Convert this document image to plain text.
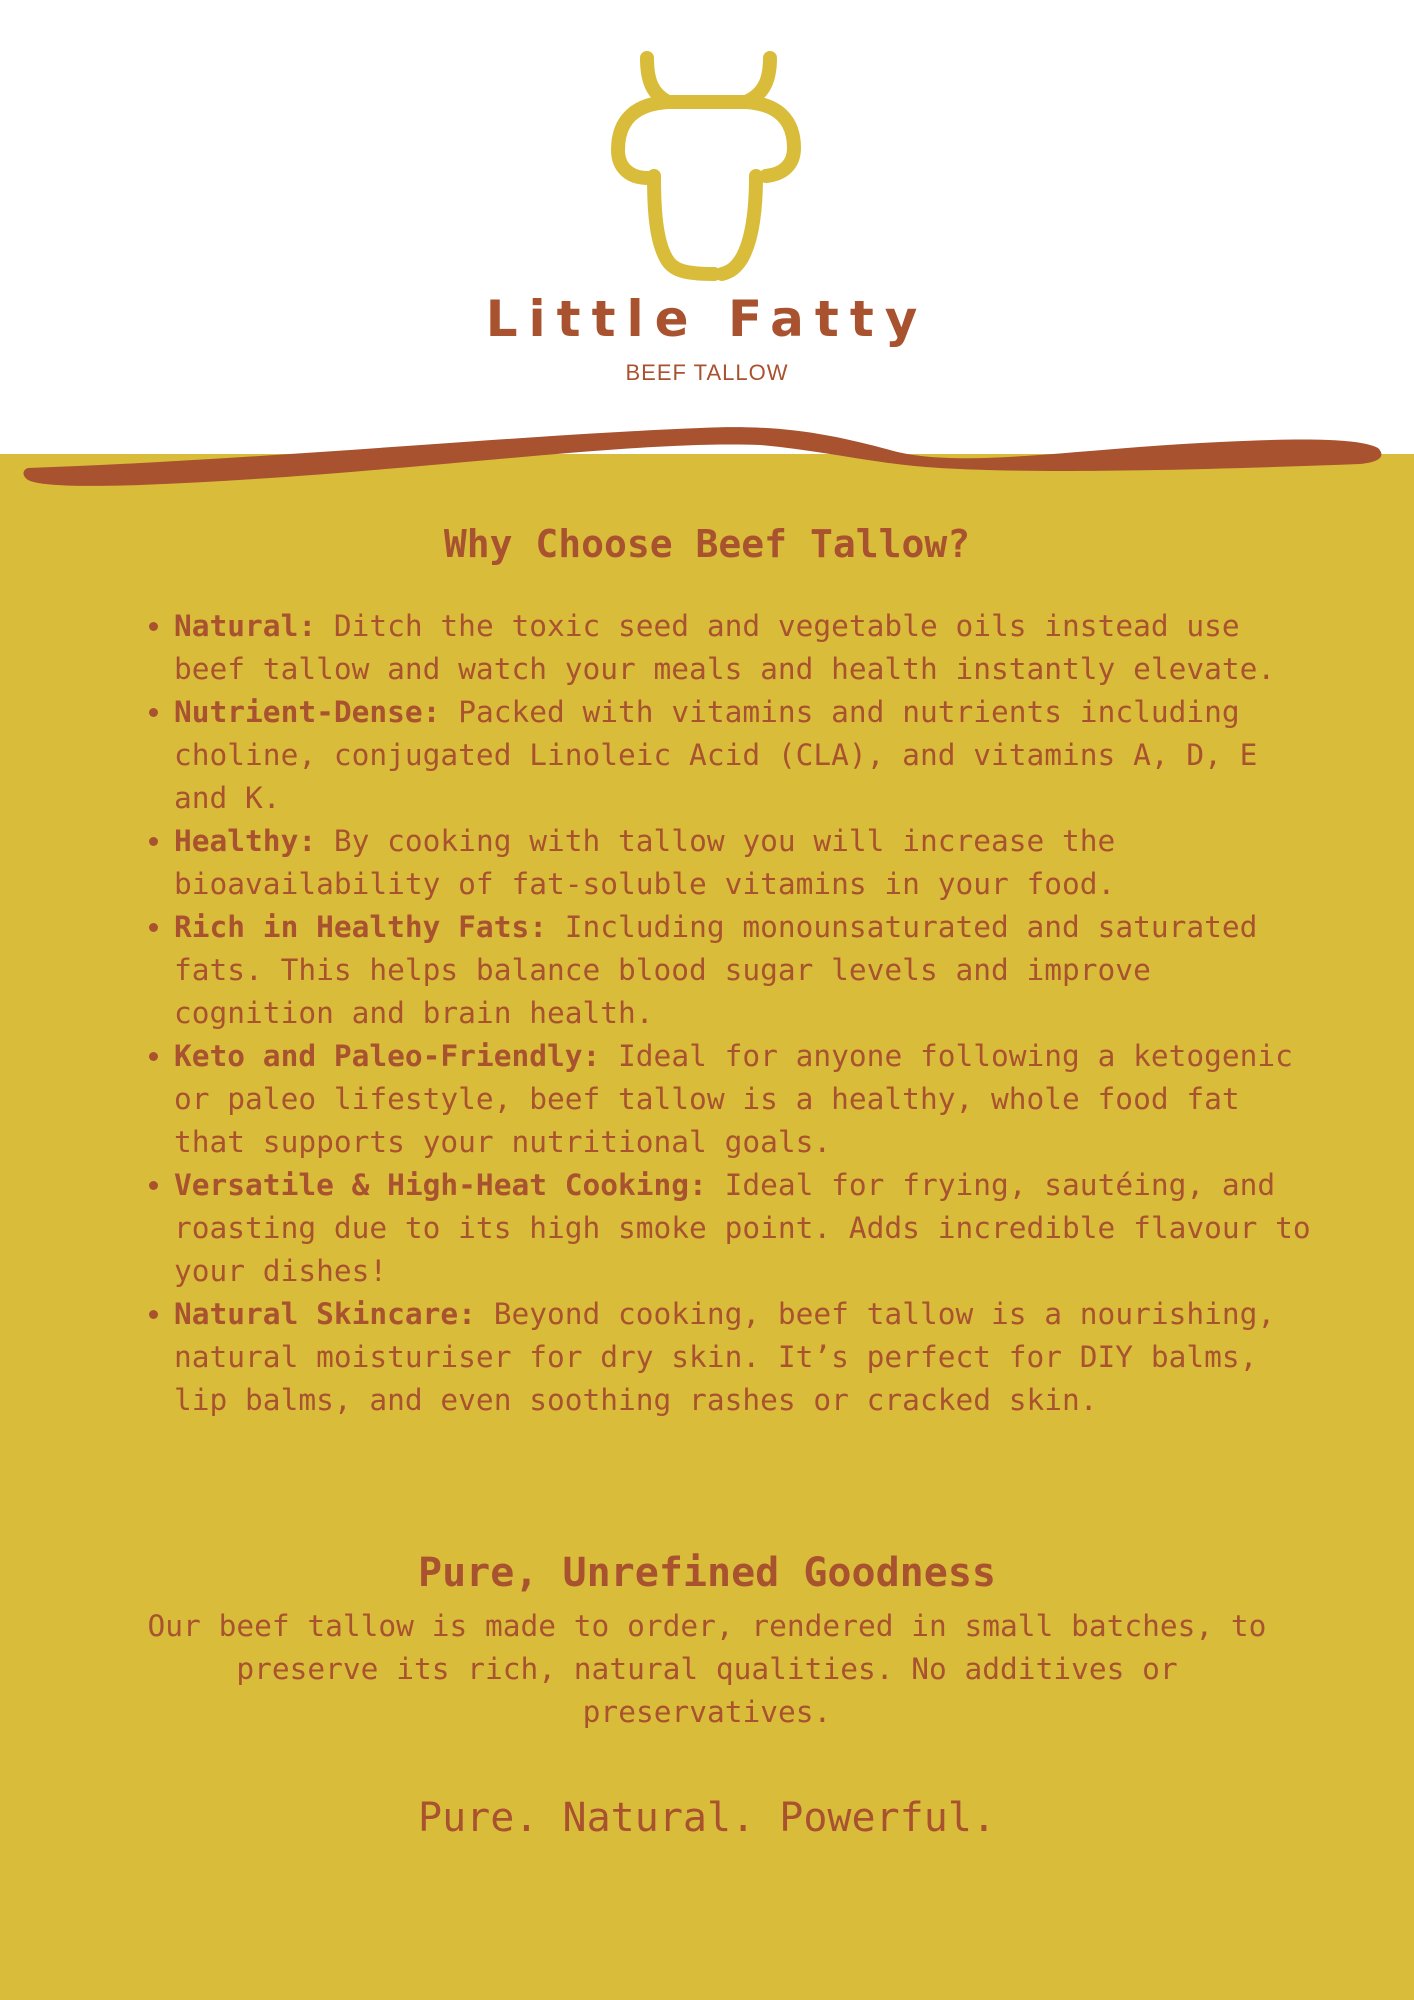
Little Fatty
BEEF TALLOW
Why Choose Beef Tallow?
• Natural: Ditch the toxic seed and vegetable oils instead use beef tallow and watch your meals and health instantly elevate.
• Nutrient-Dense: Packed with vitamins and nutrients including choline, conjugated Linoleic Acid (CLA), and vitamins A, D, E and K.
• Healthy: By cooking with tallow you will increase the bioavailability of fat-soluble vitamins in your food.
• Rich in Healthy Fats: Including monounsaturated and saturated fats. This helps balance blood sugar levels and improve cognition and brain health.
• Keto and Paleo-Friendly: Ideal for anyone following a ketogenic or paleo lifestyle, beef tallow is a healthy, whole food fat that supports your nutritional goals.
• Versatile & High-Heat Cooking: Ideal for frying, sautéing, and roasting due to its high smoke point. Adds incredible flavour to your dishes!
• Natural Skincare: Beyond cooking, beef tallow is a nourishing, natural moisturiser for dry skin. It’s perfect for DIY balms, lip balms, and even soothing rashes or cracked skin.
Pure, Unrefined Goodness

Our beef tallow is made to order, rendered in small batches, to preserve its rich, natural qualities. No additives or preservatives.

Pure. Natural. Powerful.
